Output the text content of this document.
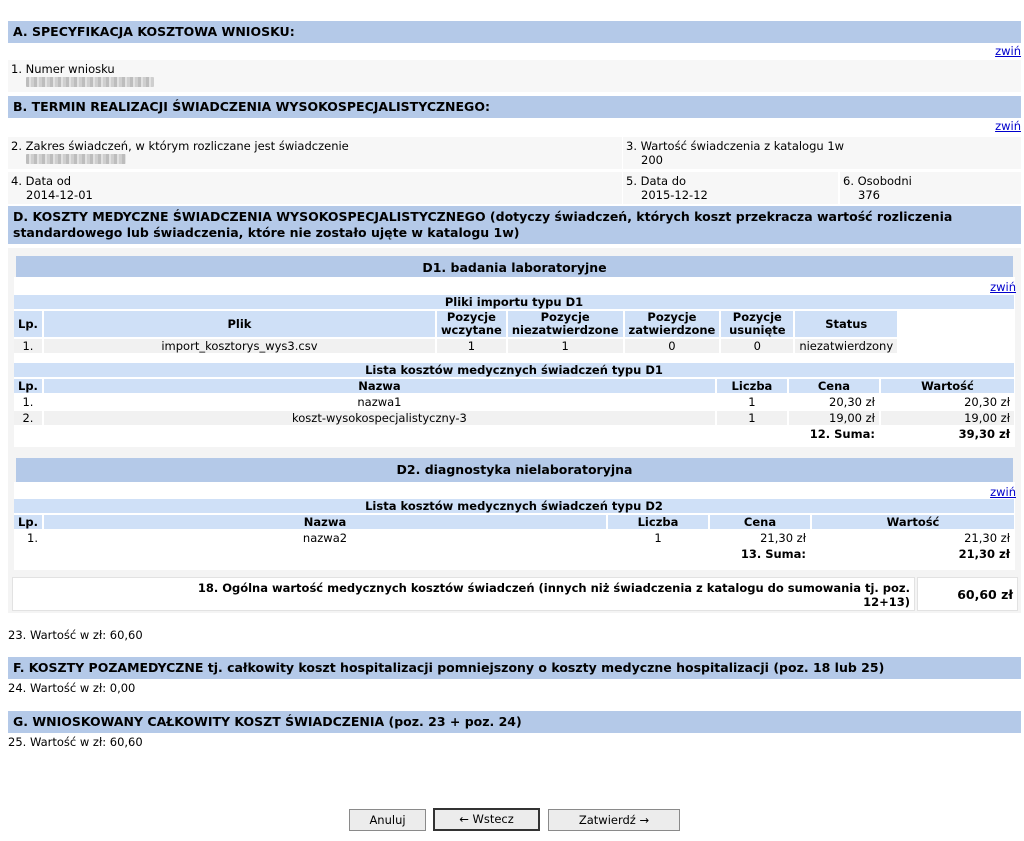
A. SPECYFIKACJA KOSZTOWA WNIOSKU:
zwiń
1. Numer wniosku
B. TERMIN REALIZACJI ŚWIADCZENIA WYSOKOSPECJALISTYCZNEGO:
zwiń
2. Zakres świadczeń, w którym rozliczane jest świadczenie	3. Wartość świadczenia z katalogu 1w
200
4. Data od
2014-12-01
5. Data do
2015-12-12
6. Osobodni
376
D. KOSZTY MEDYCZNE ŚWIADCZENIA WYSOKOSPECJALISTYCZNEGO (dotyczy świadczeń, których koszt przekracza wartość rozliczenia standardowego lub świadczenia, które nie zostało ujęte w katalogu 1w)
D1. badania laboratoryjne
zwiń
Pliki importu typu D1							
Lp.	Plik	Pozycje wczytane	Pozycje niezatwierdzone	Pozycje zatwierdzone	Pozycje usunięte	Status	
1.	import_kosztorys_wys3.csv	1	1	0	0	niezatwierdzony	
Lista kosztów medycznych świadczeń typu D1				
Lp.	Nazwa	Liczba	Cena	Wartość
1.	nazwa1	1	20,30 zł	20,30 zł
2.	koszt-wysokospecjalistyczny-3	1	19,00 zł	19,00 zł
			12. Suma:	39,30 zł
D2. diagnostyka nielaboratoryjna
zwiń
Lista kosztów medycznych świadczeń typu D2				
Lp.	Nazwa	Liczba	Cena	Wartość
1.	nazwa2	1	21,30 zł	21,30 zł
			13. Suma:	21,30 zł
18. Ogólna wartość medycznych kosztów świadczeń (innych niż świadczenia z katalogu do sumowania tj. poz. 12+13)	60,60 zł
23. Wartość w zł: 60,60
F. KOSZTY POZAMEDYCZNE tj. całkowity koszt hospitalizacji pomniejszony o koszty medyczne hospitalizacji (poz. 18 lub 25)
24. Wartość w zł: 0,00
G. WNIOSKOWANY CAŁKOWITY KOSZT ŚWIADCZENIA (poz. 23 + poz. 24)
25. Wartość w zł: 60,60
Anuluj	← Wstecz	Zatwierdź →
